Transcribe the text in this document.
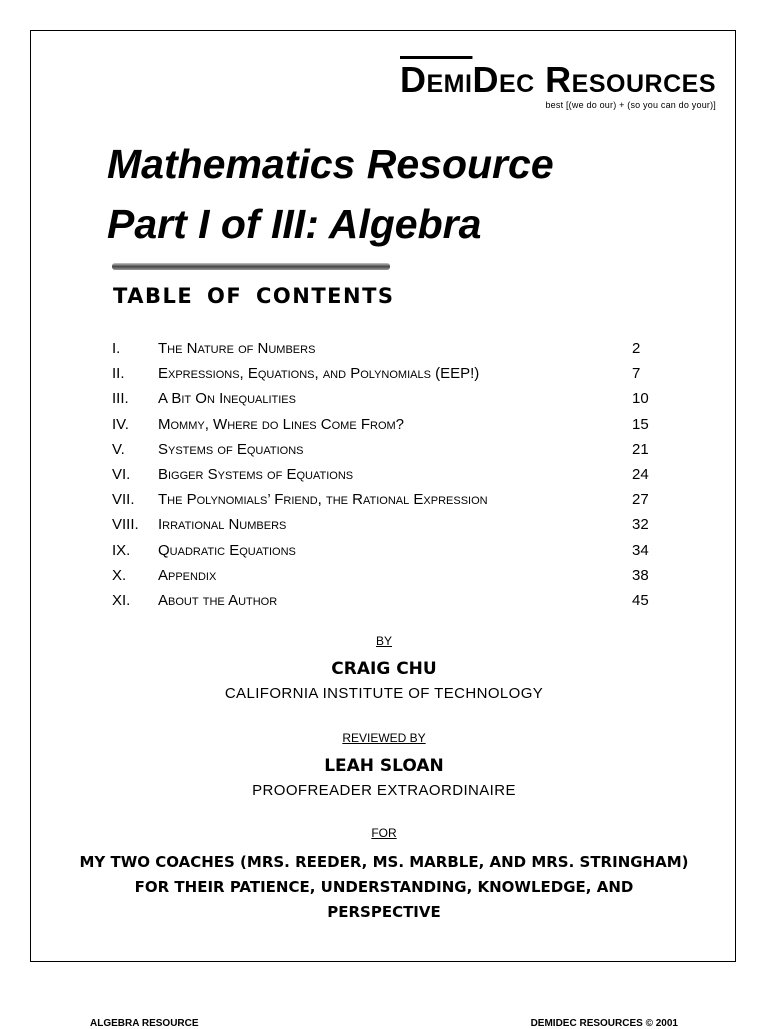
DemiDec Resources
best [(we do our) + (so you can do your)]
Mathematics Resource
Part I of III: Algebra
TABLE OF CONTENTS
I.	The Nature of Numbers	2
II. Expressions, Equations, and Polynomials (EEP!)	7
III. A Bit On Inequalities	10
IV. Mommy, Where do Lines Come From?	15
V. Systems of Equations	21
VI. Bigger Systems of Equations	24
VII. The Polynomials’ Friend, the Rational Expression	27
VIII. Irrational Numbers	32
IX. Quadratic Equations	34
X. Appendix	38
XI. About the Author	45
BY
CRAIG CHU
CALIFORNIA INSTITUTE OF TECHNOLOGY
REVIEWED BY
LEAH SLOAN
PROOFREADER EXTRAORDINAIRE
FOR
MY TWO COACHES (MRS. REEDER, MS. MARBLE, AND MRS. STRINGHAM)
FOR THEIR PATIENCE, UNDERSTANDING, KNOWLEDGE, AND
PERSPECTIVE
ALGEBRA RESOURCE	DEMIDEC RESOURCES © 2001
